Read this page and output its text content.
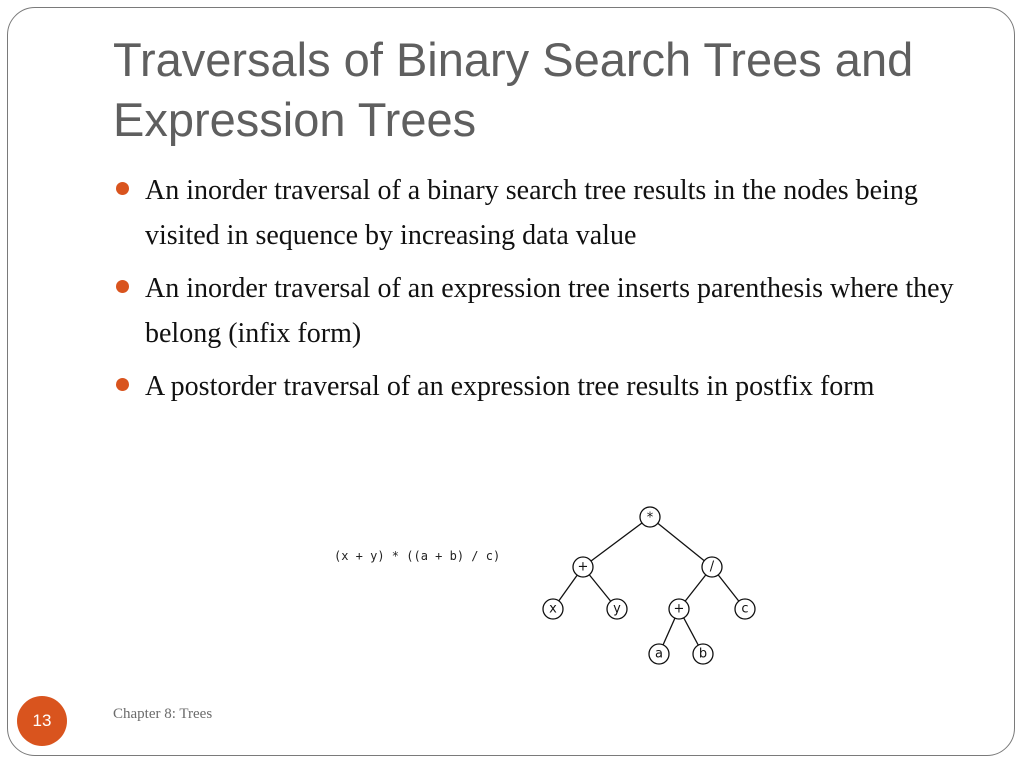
Traversals of Binary Search Trees and Expression Trees
An inorder traversal of a binary search tree results in the nodes being visited in sequence by increasing data value
An inorder traversal of an expression tree inserts parenthesis where they belong (infix form)
A postorder traversal of an expression tree results in postfix form
(x + y) * ((a + b) / c)
*
+	/
x	y	+	c
a	b
13	Chapter 8: Trees
